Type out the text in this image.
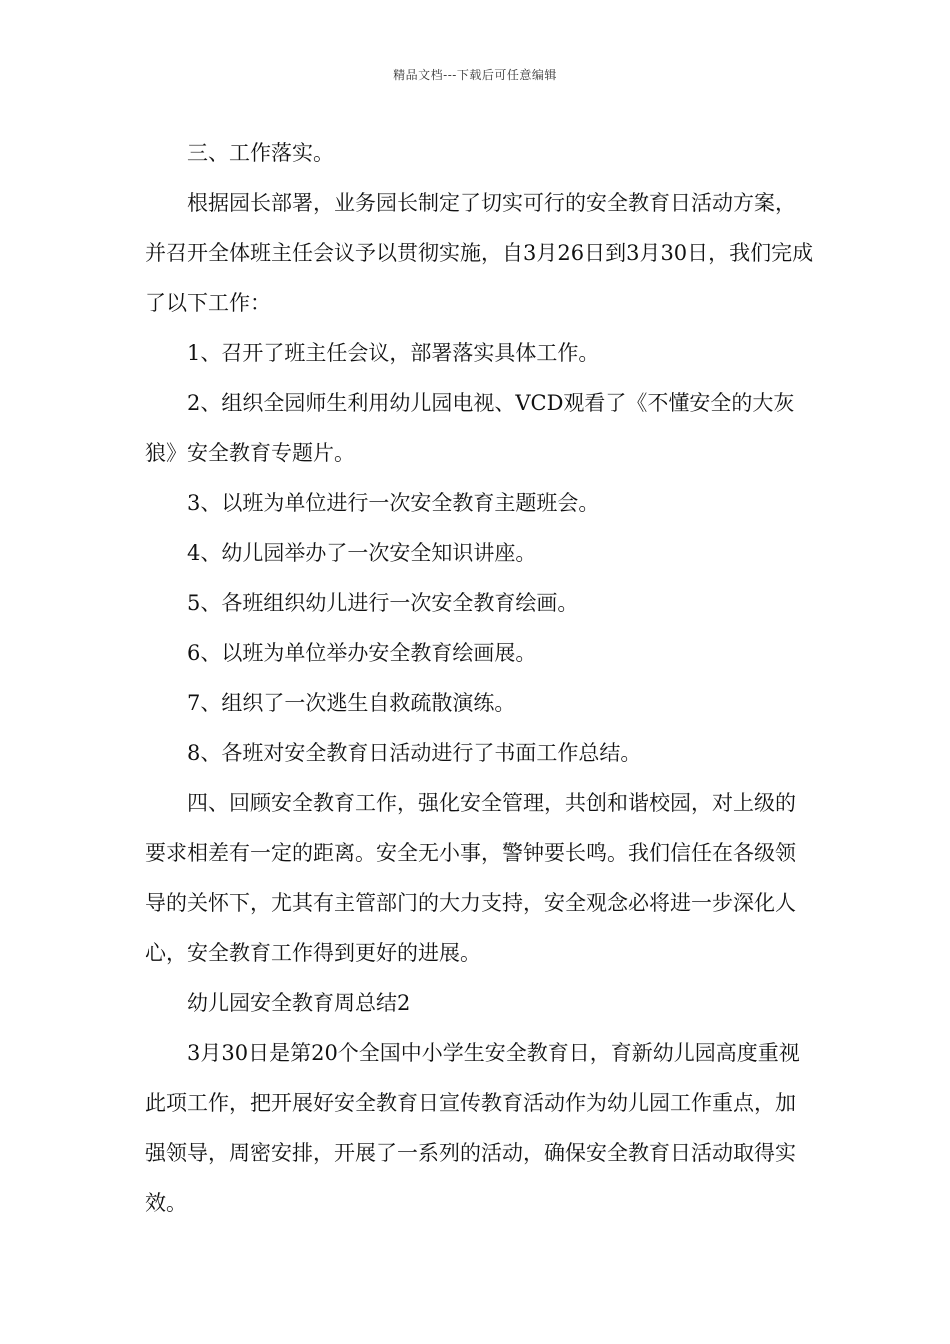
精品文档---下载后可任意编辑

三、工作落实。

根据园长部署，业务园长制定了切实可行的安全教育日活动方案，并召开全体班主任会议予以贯彻实施，自3月26日到3月30日，我们完成了以下工作：

1、召开了班主任会议，部署落实具体工作。

2、组织全园师生利用幼儿园电视、VCD观看了《不懂安全的大灰狼》安全教育专题片。

3、以班为单位进行一次安全教育主题班会。

4、幼儿园举办了一次安全知识讲座。

5、各班组织幼儿进行一次安全教育绘画。

6、以班为单位举办安全教育绘画展。

7、组织了一次逃生自救疏散演练。

8、各班对安全教育日活动进行了书面工作总结。

四、回顾安全教育工作，强化安全管理，共创和谐校园，对上级的要求相差有一定的距离。安全无小事，警钟要长鸣。我们信任在各级领导的关怀下，尤其有主管部门的大力支持，安全观念必将进一步深化人心，安全教育工作得到更好的进展。

幼儿园安全教育周总结2

3月30日是第20个全国中小学生安全教育日，育新幼儿园高度重视此项工作，把开展好安全教育日宣传教育活动作为幼儿园工作重点，加强领导，周密安排，开展了一系列的活动，确保安全教育日活动取得实效。
